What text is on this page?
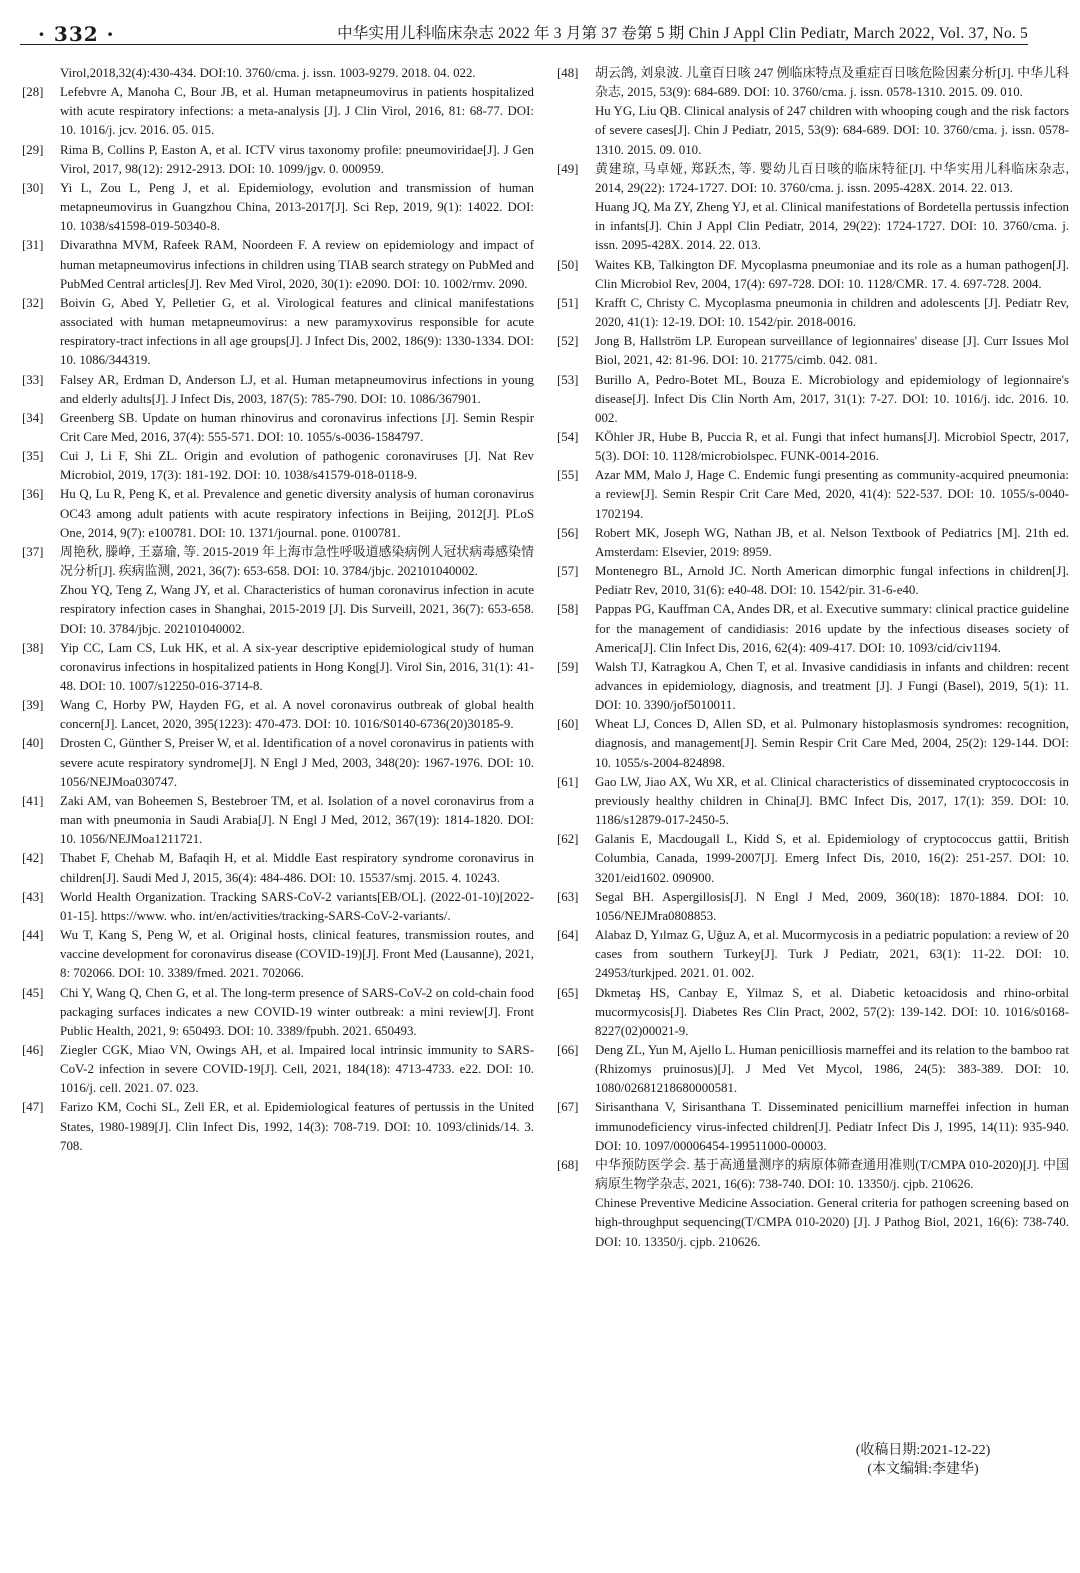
· 332 ·	中华实用儿科临床杂志 2022 年 3 月第 37 卷第 5 期 Chin J Appl Clin Pediatr, March 2022, Vol. 37, No. 5
Virol,2018,32(4):430-434. DOI:10. 3760/cma. j. issn. 1003-9279. 2018. 04. 022.
[28]	Lefebvre A, Manoha C, Bour JB, et al. Human metapneumovirus in patients hospitalized with acute respiratory infections: a meta-analysis [J]. J Clin Virol, 2016, 81: 68-77. DOI: 10. 1016/j. jcv. 2016. 05. 015.
[29]	Rima B, Collins P, Easton A, et al. ICTV virus taxonomy profile: pneumoviridae[J]. J Gen Virol, 2017, 98(12): 2912-2913. DOI: 10. 1099/jgv. 0. 000959.
[30]	Yi L, Zou L, Peng J, et al. Epidemiology, evolution and transmission of human metapneumovirus in Guangzhou China, 2013-2017[J]. Sci Rep, 2019, 9(1): 14022. DOI: 10. 1038/s41598-019-50340-8.
[31]	Divarathna MVM, Rafeek RAM, Noordeen F. A review on epidemiology and impact of human metapneumovirus infections in children using TIAB search strategy on PubMed and PubMed Central articles[J]. Rev Med Virol, 2020, 30(1): e2090. DOI: 10. 1002/rmv. 2090.
[32]	Boivin G, Abed Y, Pelletier G, et al. Virological features and clinical manifestations associated with human metapneumovirus: a new paramyxovirus responsible for acute respiratory-tract infections in all age groups[J]. J Infect Dis, 2002, 186(9): 1330-1334. DOI: 10. 1086/344319.
[33]	Falsey AR, Erdman D, Anderson LJ, et al. Human metapneumovirus infections in young and elderly adults[J]. J Infect Dis, 2003, 187(5): 785-790. DOI: 10. 1086/367901.
[34]	Greenberg SB. Update on human rhinovirus and coronavirus infections [J]. Semin Respir Crit Care Med, 2016, 37(4): 555-571. DOI: 10. 1055/s-0036-1584797.
[35]	Cui J, Li F, Shi ZL. Origin and evolution of pathogenic coronaviruses [J]. Nat Rev Microbiol, 2019, 17(3): 181-192. DOI: 10. 1038/s41579-018-0118-9.
[36]	Hu Q, Lu R, Peng K, et al. Prevalence and genetic diversity analysis of human coronavirus OC43 among adult patients with acute respiratory infections in Beijing, 2012[J]. PLoS One, 2014, 9(7): e100781. DOI: 10. 1371/journal. pone. 0100781.
[37]	周艳秋, 滕峥, 王嘉瑜, 等. 2015-2019 年上海市急性呼吸道感染病例人冠状病毒感染情况分析[J]. 疾病监测, 2021, 36(7): 653-658. DOI: 10. 3784/jbjc. 202101040002.
Zhou YQ, Teng Z, Wang JY, et al. Characteristics of human coronavirus infection in acute respiratory infection cases in Shanghai, 2015-2019 [J]. Dis Surveill, 2021, 36(7): 653-658. DOI: 10. 3784/jbjc. 202101040002.
[38]	Yip CC, Lam CS, Luk HK, et al. A six-year descriptive epidemiological study of human coronavirus infections in hospitalized patients in Hong Kong[J]. Virol Sin, 2016, 31(1): 41-48. DOI: 10. 1007/s12250-016-3714-8.
[39]	Wang C, Horby PW, Hayden FG, et al. A novel coronavirus outbreak of global health concern[J]. Lancet, 2020, 395(1223): 470-473. DOI: 10. 1016/S0140-6736(20)30185-9.
[40]	Drosten C, Günther S, Preiser W, et al. Identification of a novel coronavirus in patients with severe acute respiratory syndrome[J]. N Engl J Med, 2003, 348(20): 1967-1976. DOI: 10. 1056/NEJMoa030747.
[41]	Zaki AM, van Boheemen S, Bestebroer TM, et al. Isolation of a novel coronavirus from a man with pneumonia in Saudi Arabia[J]. N Engl J Med, 2012, 367(19): 1814-1820. DOI: 10. 1056/NEJMoa1211721.
[42]	Thabet F, Chehab M, Bafaqih H, et al. Middle East respiratory syndrome coronavirus in children[J]. Saudi Med J, 2015, 36(4): 484-486. DOI: 10. 15537/smj. 2015. 4. 10243.
[43]	World Health Organization. Tracking SARS-CoV-2 variants[EB/OL]. (2022-01-10)[2022-01-15]. https://www. who. int/en/activities/tracking-SARS-CoV-2-variants/.
[44]	Wu T, Kang S, Peng W, et al. Original hosts, clinical features, transmission routes, and vaccine development for coronavirus disease (COVID-19)[J]. Front Med (Lausanne), 2021, 8: 702066. DOI: 10. 3389/fmed. 2021. 702066.
[45]	Chi Y, Wang Q, Chen G, et al. The long-term presence of SARS-CoV-2 on cold-chain food packaging surfaces indicates a new COVID-19 winter outbreak: a mini review[J]. Front Public Health, 2021, 9: 650493. DOI: 10. 3389/fpubh. 2021. 650493.
[46]	Ziegler CGK, Miao VN, Owings AH, et al. Impaired local intrinsic immunity to SARS-CoV-2 infection in severe COVID-19[J]. Cell, 2021, 184(18): 4713-4733. e22. DOI: 10. 1016/j. cell. 2021. 07. 023.
[47]	Farizo KM, Cochi SL, Zell ER, et al. Epidemiological features of pertussis in the United States, 1980-1989[J]. Clin Infect Dis, 1992, 14(3): 708-719. DOI: 10. 1093/clinids/14. 3. 708.
[48]	胡云鸽, 刘泉波. 儿童百日咳 247 例临床特点及重症百日咳危险因素分析[J]. 中华儿科杂志, 2015, 53(9): 684-689. DOI: 10. 3760/cma. j. issn. 0578-1310. 2015. 09. 010.
Hu YG, Liu QB. Clinical analysis of 247 children with whooping cough and the risk factors of severe cases[J]. Chin J Pediatr, 2015, 53(9): 684-689. DOI: 10. 3760/cma. j. issn. 0578-1310. 2015. 09. 010.
[49]	黄建琼, 马卓娅, 郑跃杰, 等. 婴幼儿百日咳的临床特征[J]. 中华实用儿科临床杂志, 2014, 29(22): 1724-1727. DOI: 10. 3760/cma. j. issn. 2095-428X. 2014. 22. 013.
Huang JQ, Ma ZY, Zheng YJ, et al. Clinical manifestations of Bordetella pertussis infection in infants[J]. Chin J Appl Clin Pediatr, 2014, 29(22): 1724-1727. DOI: 10. 3760/cma. j. issn. 2095-428X. 2014. 22. 013.
[50]	Waites KB, Talkington DF. Mycoplasma pneumoniae and its role as a human pathogen[J]. Clin Microbiol Rev, 2004, 17(4): 697-728. DOI: 10. 1128/CMR. 17. 4. 697-728. 2004.
[51]	Krafft C, Christy C. Mycoplasma pneumonia in children and adolescents [J]. Pediatr Rev, 2020, 41(1): 12-19. DOI: 10. 1542/pir. 2018-0016.
[52]	Jong B, Hallström LP. European surveillance of legionnaires' disease [J]. Curr Issues Mol Biol, 2021, 42: 81-96. DOI: 10. 21775/cimb. 042. 081.
[53]	Burillo A, Pedro-Botet ML, Bouza E. Microbiology and epidemiology of legionnaire's disease[J]. Infect Dis Clin North Am, 2017, 31(1): 7-27. DOI: 10. 1016/j. idc. 2016. 10. 002.
[54]	KÖhler JR, Hube B, Puccia R, et al. Fungi that infect humans[J]. Microbiol Spectr, 2017, 5(3). DOI: 10. 1128/microbiolspec. FUNK-0014-2016.
[55]	Azar MM, Malo J, Hage C. Endemic fungi presenting as community-acquired pneumonia: a review[J]. Semin Respir Crit Care Med, 2020, 41(4): 522-537. DOI: 10. 1055/s-0040-1702194.
[56]	Robert MK, Joseph WG, Nathan JB, et al. Nelson Textbook of Pediatrics [M]. 21th ed. Amsterdam: Elsevier, 2019: 8959.
[57]	Montenegro BL, Arnold JC. North American dimorphic fungal infections in children[J]. Pediatr Rev, 2010, 31(6): e40-48. DOI: 10. 1542/pir. 31-6-e40.
[58]	Pappas PG, Kauffman CA, Andes DR, et al. Executive summary: clinical practice guideline for the management of candidiasis: 2016 update by the infectious diseases society of America[J]. Clin Infect Dis, 2016, 62(4): 409-417. DOI: 10. 1093/cid/civ1194.
[59]	Walsh TJ, Katragkou A, Chen T, et al. Invasive candidiasis in infants and children: recent advances in epidemiology, diagnosis, and treatment [J]. J Fungi (Basel), 2019, 5(1): 11. DOI: 10. 3390/jof5010011.
[60]	Wheat LJ, Conces D, Allen SD, et al. Pulmonary histoplasmosis syndromes: recognition, diagnosis, and management[J]. Semin Respir Crit Care Med, 2004, 25(2): 129-144. DOI: 10. 1055/s-2004-824898.
[61]	Gao LW, Jiao AX, Wu XR, et al. Clinical characteristics of disseminated cryptococcosis in previously healthy children in China[J]. BMC Infect Dis, 2017, 17(1): 359. DOI: 10. 1186/s12879-017-2450-5.
[62]	Galanis E, Macdougall L, Kidd S, et al. Epidemiology of cryptococcus gattii, British Columbia, Canada, 1999-2007[J]. Emerg Infect Dis, 2010, 16(2): 251-257. DOI: 10. 3201/eid1602. 090900.
[63]	Segal BH. Aspergillosis[J]. N Engl J Med, 2009, 360(18): 1870-1884. DOI: 10. 1056/NEJMra0808853.
[64]	Alabaz D, Yılmaz G, Uğuz A, et al. Mucormycosis in a pediatric population: a review of 20 cases from southern Turkey[J]. Turk J Pediatr, 2021, 63(1): 11-22. DOI: 10. 24953/turkjped. 2021. 01. 002.
[65]	Dkmetaş HS, Canbay E, Yilmaz S, et al. Diabetic ketoacidosis and rhino-orbital mucormycosis[J]. Diabetes Res Clin Pract, 2002, 57(2): 139-142. DOI: 10. 1016/s0168-8227(02)00021-9.
[66]	Deng ZL, Yun M, Ajello L. Human penicilliosis marneffei and its relation to the bamboo rat (Rhizomys pruinosus)[J]. J Med Vet Mycol, 1986, 24(5): 383-389. DOI: 10. 1080/02681218680000581.
[67]	Sirisanthana V, Sirisanthana T. Disseminated penicillium marneffei infection in human immunodeficiency virus-infected children[J]. Pediatr Infect Dis J, 1995, 14(11): 935-940. DOI: 10. 1097/00006454-199511000-00003.
[68]	中华预防医学会. 基于高通量测序的病原体筛查通用准则(T/CMPA 010-2020)[J]. 中国病原生物学杂志, 2021, 16(6): 738-740. DOI: 10. 13350/j. cjpb. 210626.
Chinese Preventive Medicine Association. General criteria for pathogen screening based on high-throughput sequencing(T/CMPA 010-2020) [J]. J Pathog Biol, 2021, 16(6): 738-740. DOI: 10. 13350/j. cjpb. 210626.
(收稿日期:2021-12-22)
(本文编辑:李建华)
